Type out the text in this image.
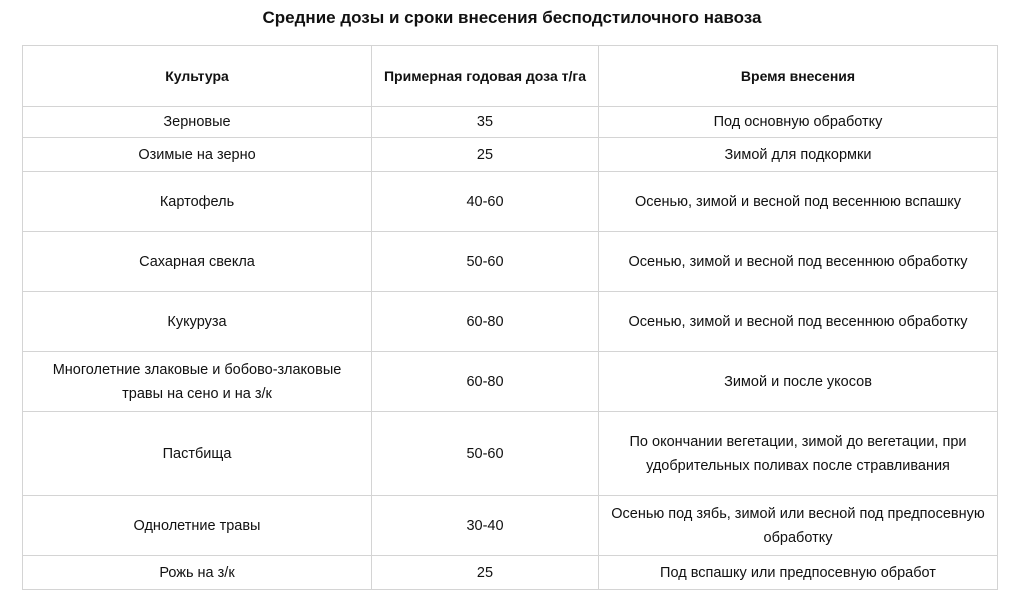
Средние дозы и сроки внесения бесподстилочного навоза
Культура	Примерная годовая доза т/га	Время внесения
Зерновые	35	Под основную обработку
Озимые на зерно	25	Зимой для подкормки
Картофель	40-60	Осенью, зимой и весной под весеннюю вспашку
Сахарная свекла	50-60	Осенью, зимой и весной под весеннюю обработку
Кукуруза	60-80	Осенью, зимой и весной под весеннюю обработку
Многолетние злаковые и бобово-злаковые травы на сено и на з/к	60-80	Зимой и после укосов
Пастбища	50-60	По окончании вегетации, зимой до вегетации, при удобрительных поливах после стравливания
Однолетние травы	30-40	Осенью под зябь, зимой или весной под предпосевную обработку
Рожь на з/к	25	Под вспашку или предпосевную обработ
